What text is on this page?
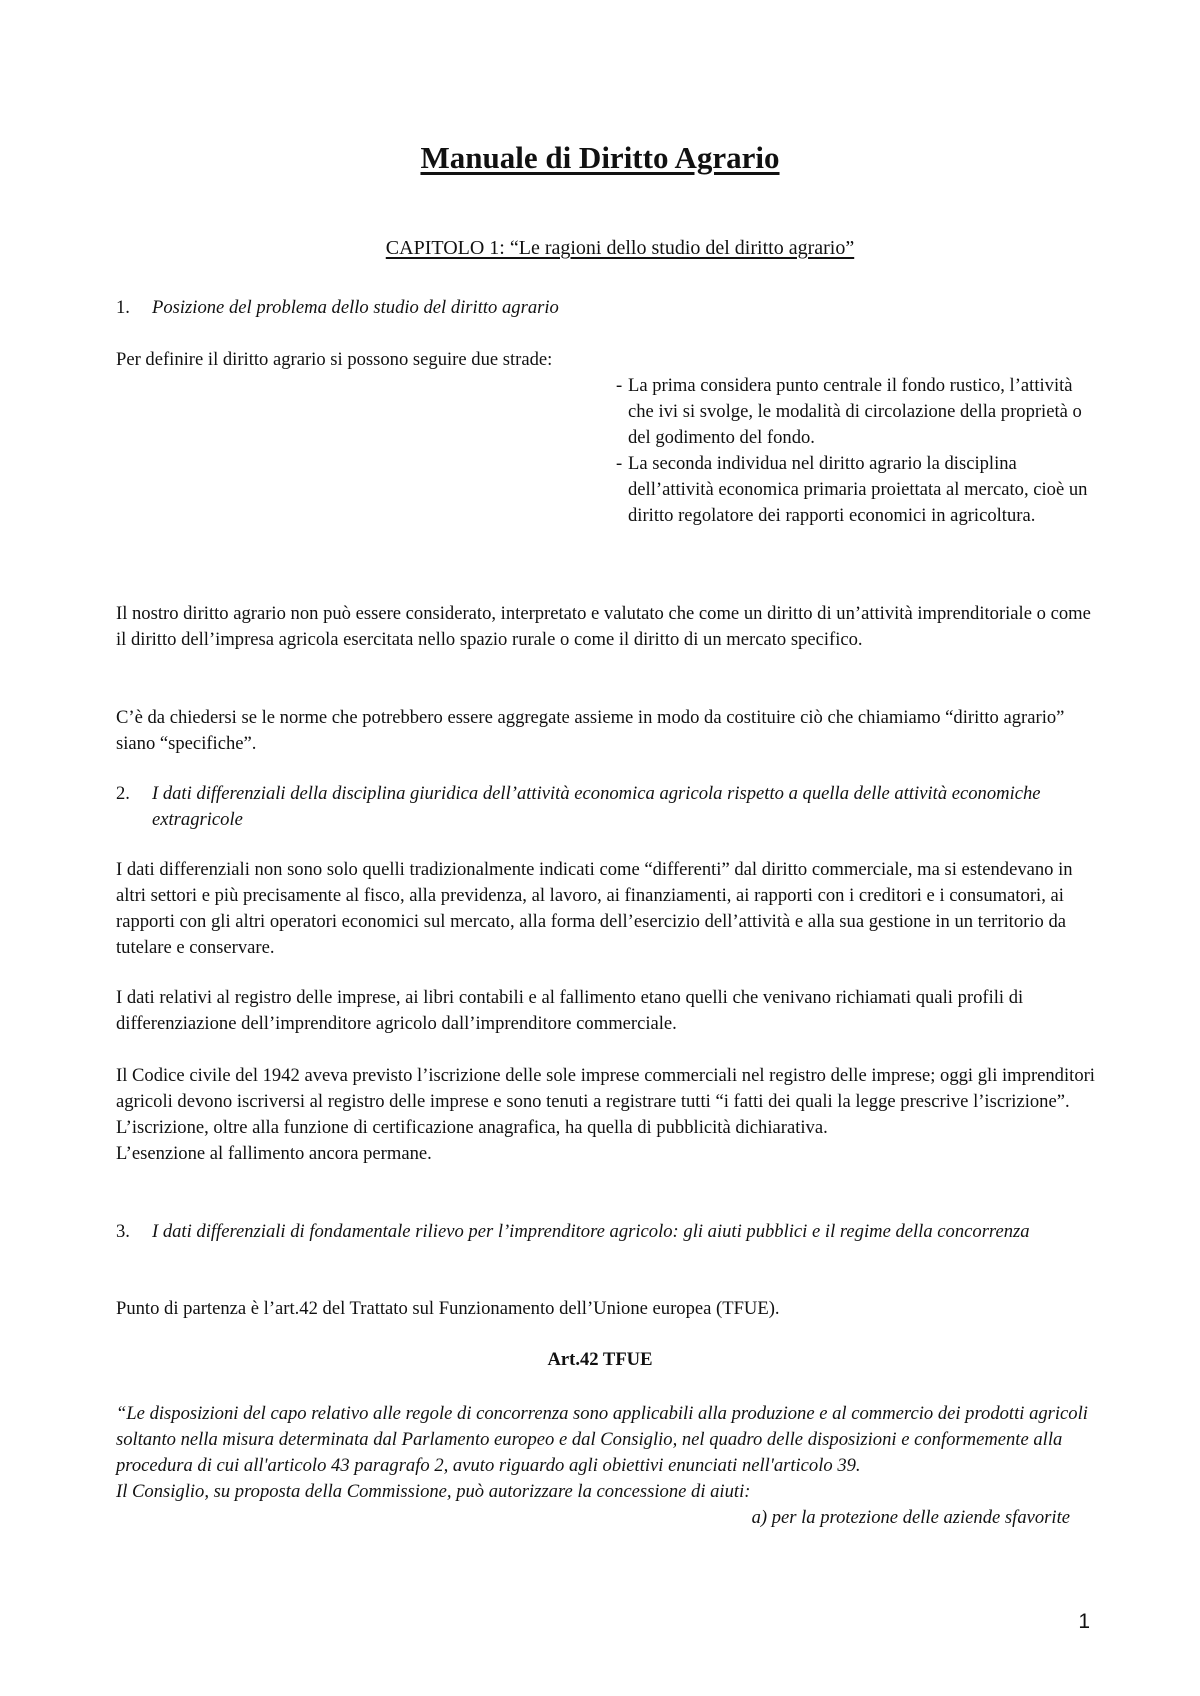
Manuale di Diritto Agrario
CAPITOLO 1: “Le ragioni dello studio del diritto agrario”
1.	Posizione del problema dello studio del diritto agrario
Per definire il diritto agrario si possono seguire due strade:
- La prima considera punto centrale il fondo rustico, l’attività che ivi si svolge, le modalità di circolazione della proprietà o del godimento del fondo.
- La seconda individua nel diritto agrario la disciplina dell’attività economica primaria proiettata al mercato, cioè un diritto regolatore dei rapporti economici in agricoltura.
Il nostro diritto agrario non può essere considerato, interpretato e valutato che come un diritto di un’attività imprenditoriale o come il diritto dell’impresa agricola esercitata nello spazio rurale o come il diritto di un mercato specifico.
C’è da chiedersi se le norme che potrebbero essere aggregate assieme in modo da costituire ciò che chiamiamo “diritto agrario” siano “specifiche”.
2.	I dati differenziali della disciplina giuridica dell’attività economica agricola rispetto a quella delle attività economiche extragricole
I dati differenziali non sono solo quelli tradizionalmente indicati come “differenti” dal diritto commerciale, ma si estendevano in altri settori e più precisamente al fisco, alla previdenza, al lavoro, ai finanziamenti, ai rapporti con i creditori e i consumatori, ai rapporti con gli altri operatori economici sul mercato, alla forma dell’esercizio dell’attività e alla sua gestione in un territorio da tutelare e conservare.
I dati relativi al registro delle imprese, ai libri contabili e al fallimento etano quelli che venivano richiamati quali profili di differenziazione dell’imprenditore agricolo dall’imprenditore commerciale.
Il Codice civile del 1942 aveva previsto l’iscrizione delle sole imprese commerciali nel registro delle imprese; oggi gli imprenditori agricoli devono iscriversi al registro delle imprese e sono tenuti a registrare tutti “i fatti dei quali la legge prescrive l’iscrizione”.
L’iscrizione, oltre alla funzione di certificazione anagrafica, ha quella di pubblicità dichiarativa.
L’esenzione al fallimento ancora permane.
3.	I dati differenziali di fondamentale rilievo per l’imprenditore agricolo: gli aiuti pubblici e il regime della concorrenza
Punto di partenza è l’art.42 del Trattato sul Funzionamento dell’Unione europea (TFUE).
Art.42 TFUE
“Le disposizioni del capo relativo alle regole di concorrenza sono applicabili alla produzione e al commercio dei prodotti agricoli soltanto nella misura determinata dal Parlamento europeo e dal Consiglio, nel quadro delle disposizioni e conformemente alla procedura di cui all'articolo 43 paragrafo 2, avuto riguardo agli obiettivi enunciati nell'articolo 39.
Il Consiglio, su proposta della Commissione, può autorizzare la concessione di aiuti:
a) per la protezione delle aziende sfavorite
1
